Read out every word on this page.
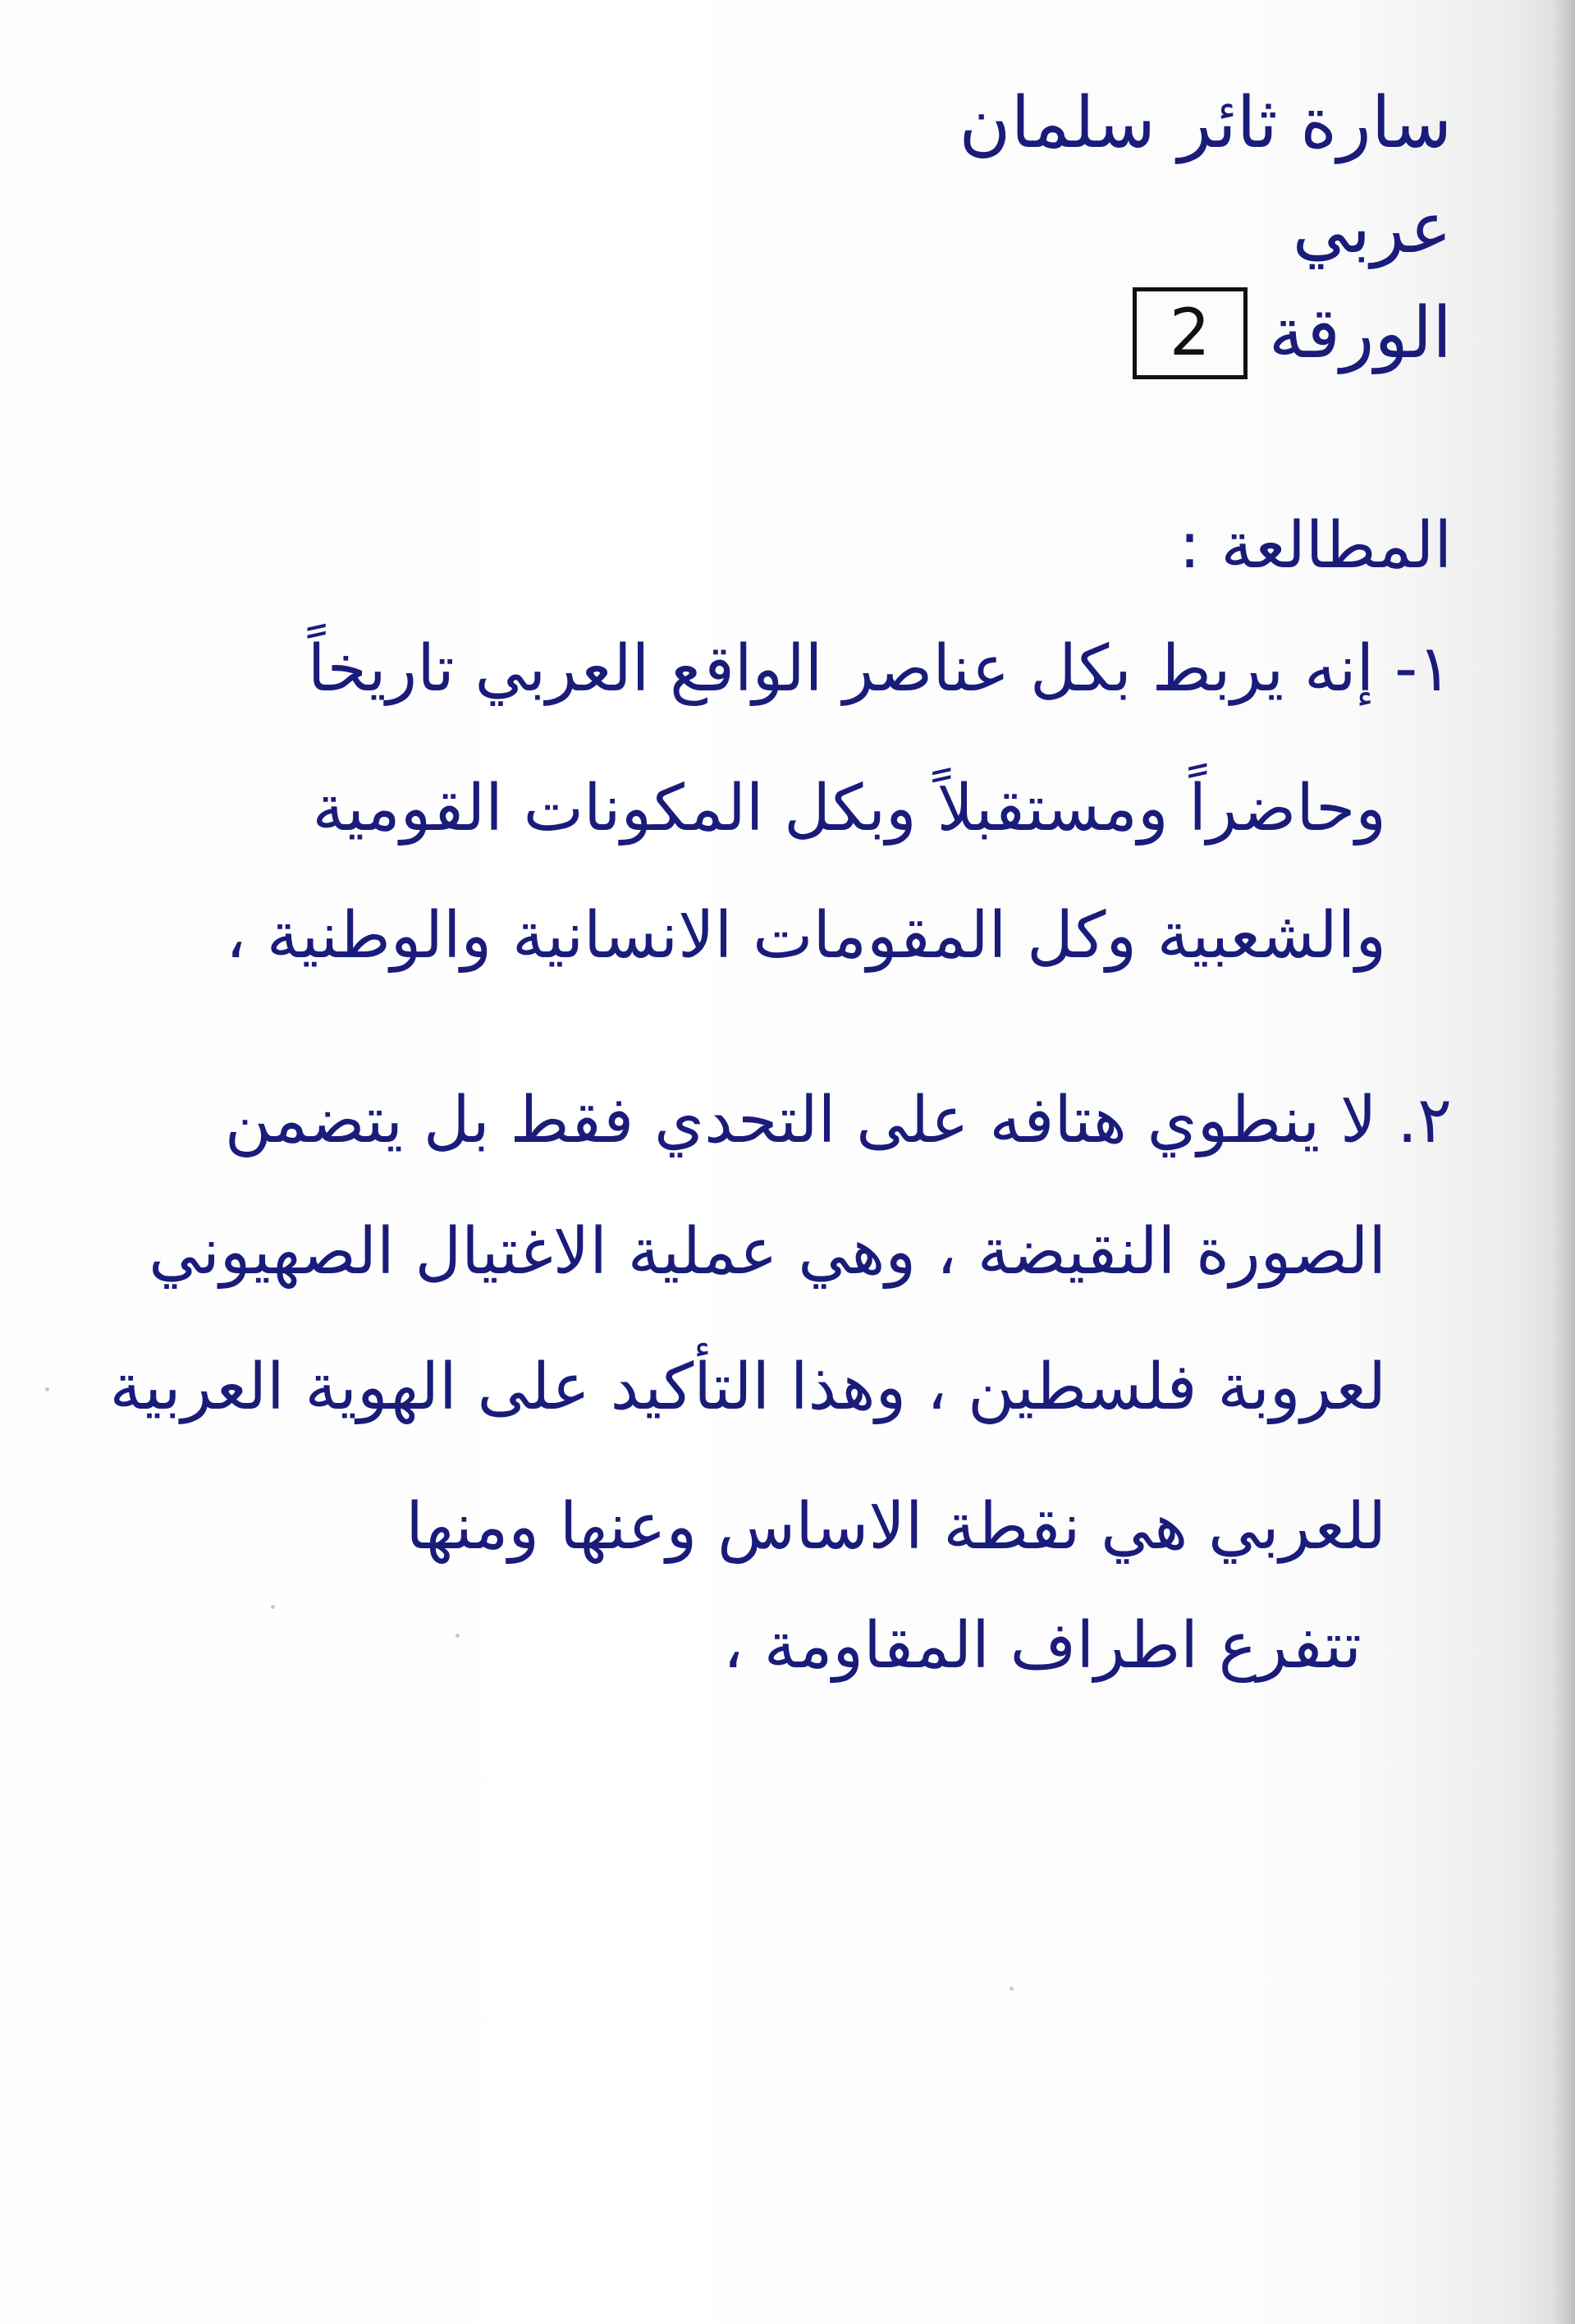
سارة ثائر سلمان
عربي
الورقة
2
المطالعة :
١- إنه يربط بكل عناصر الواقع العربي تاريخاً
وحاضراً ومستقبلاً وبكل المكونات القومية
والشعبية وكل المقومات الانسانية والوطنية ،
٢. لا ينطوي هتافه على التحدي فقط بل يتضمن
الصورة النقيضة ، وهي عملية الاغتيال الصهيوني
لعروبة فلسطين ، وهذا التأكيد على الهوية العربية
للعربي هي نقطة الاساس وعنها ومنها
تتفرع اطراف المقاومة ،
